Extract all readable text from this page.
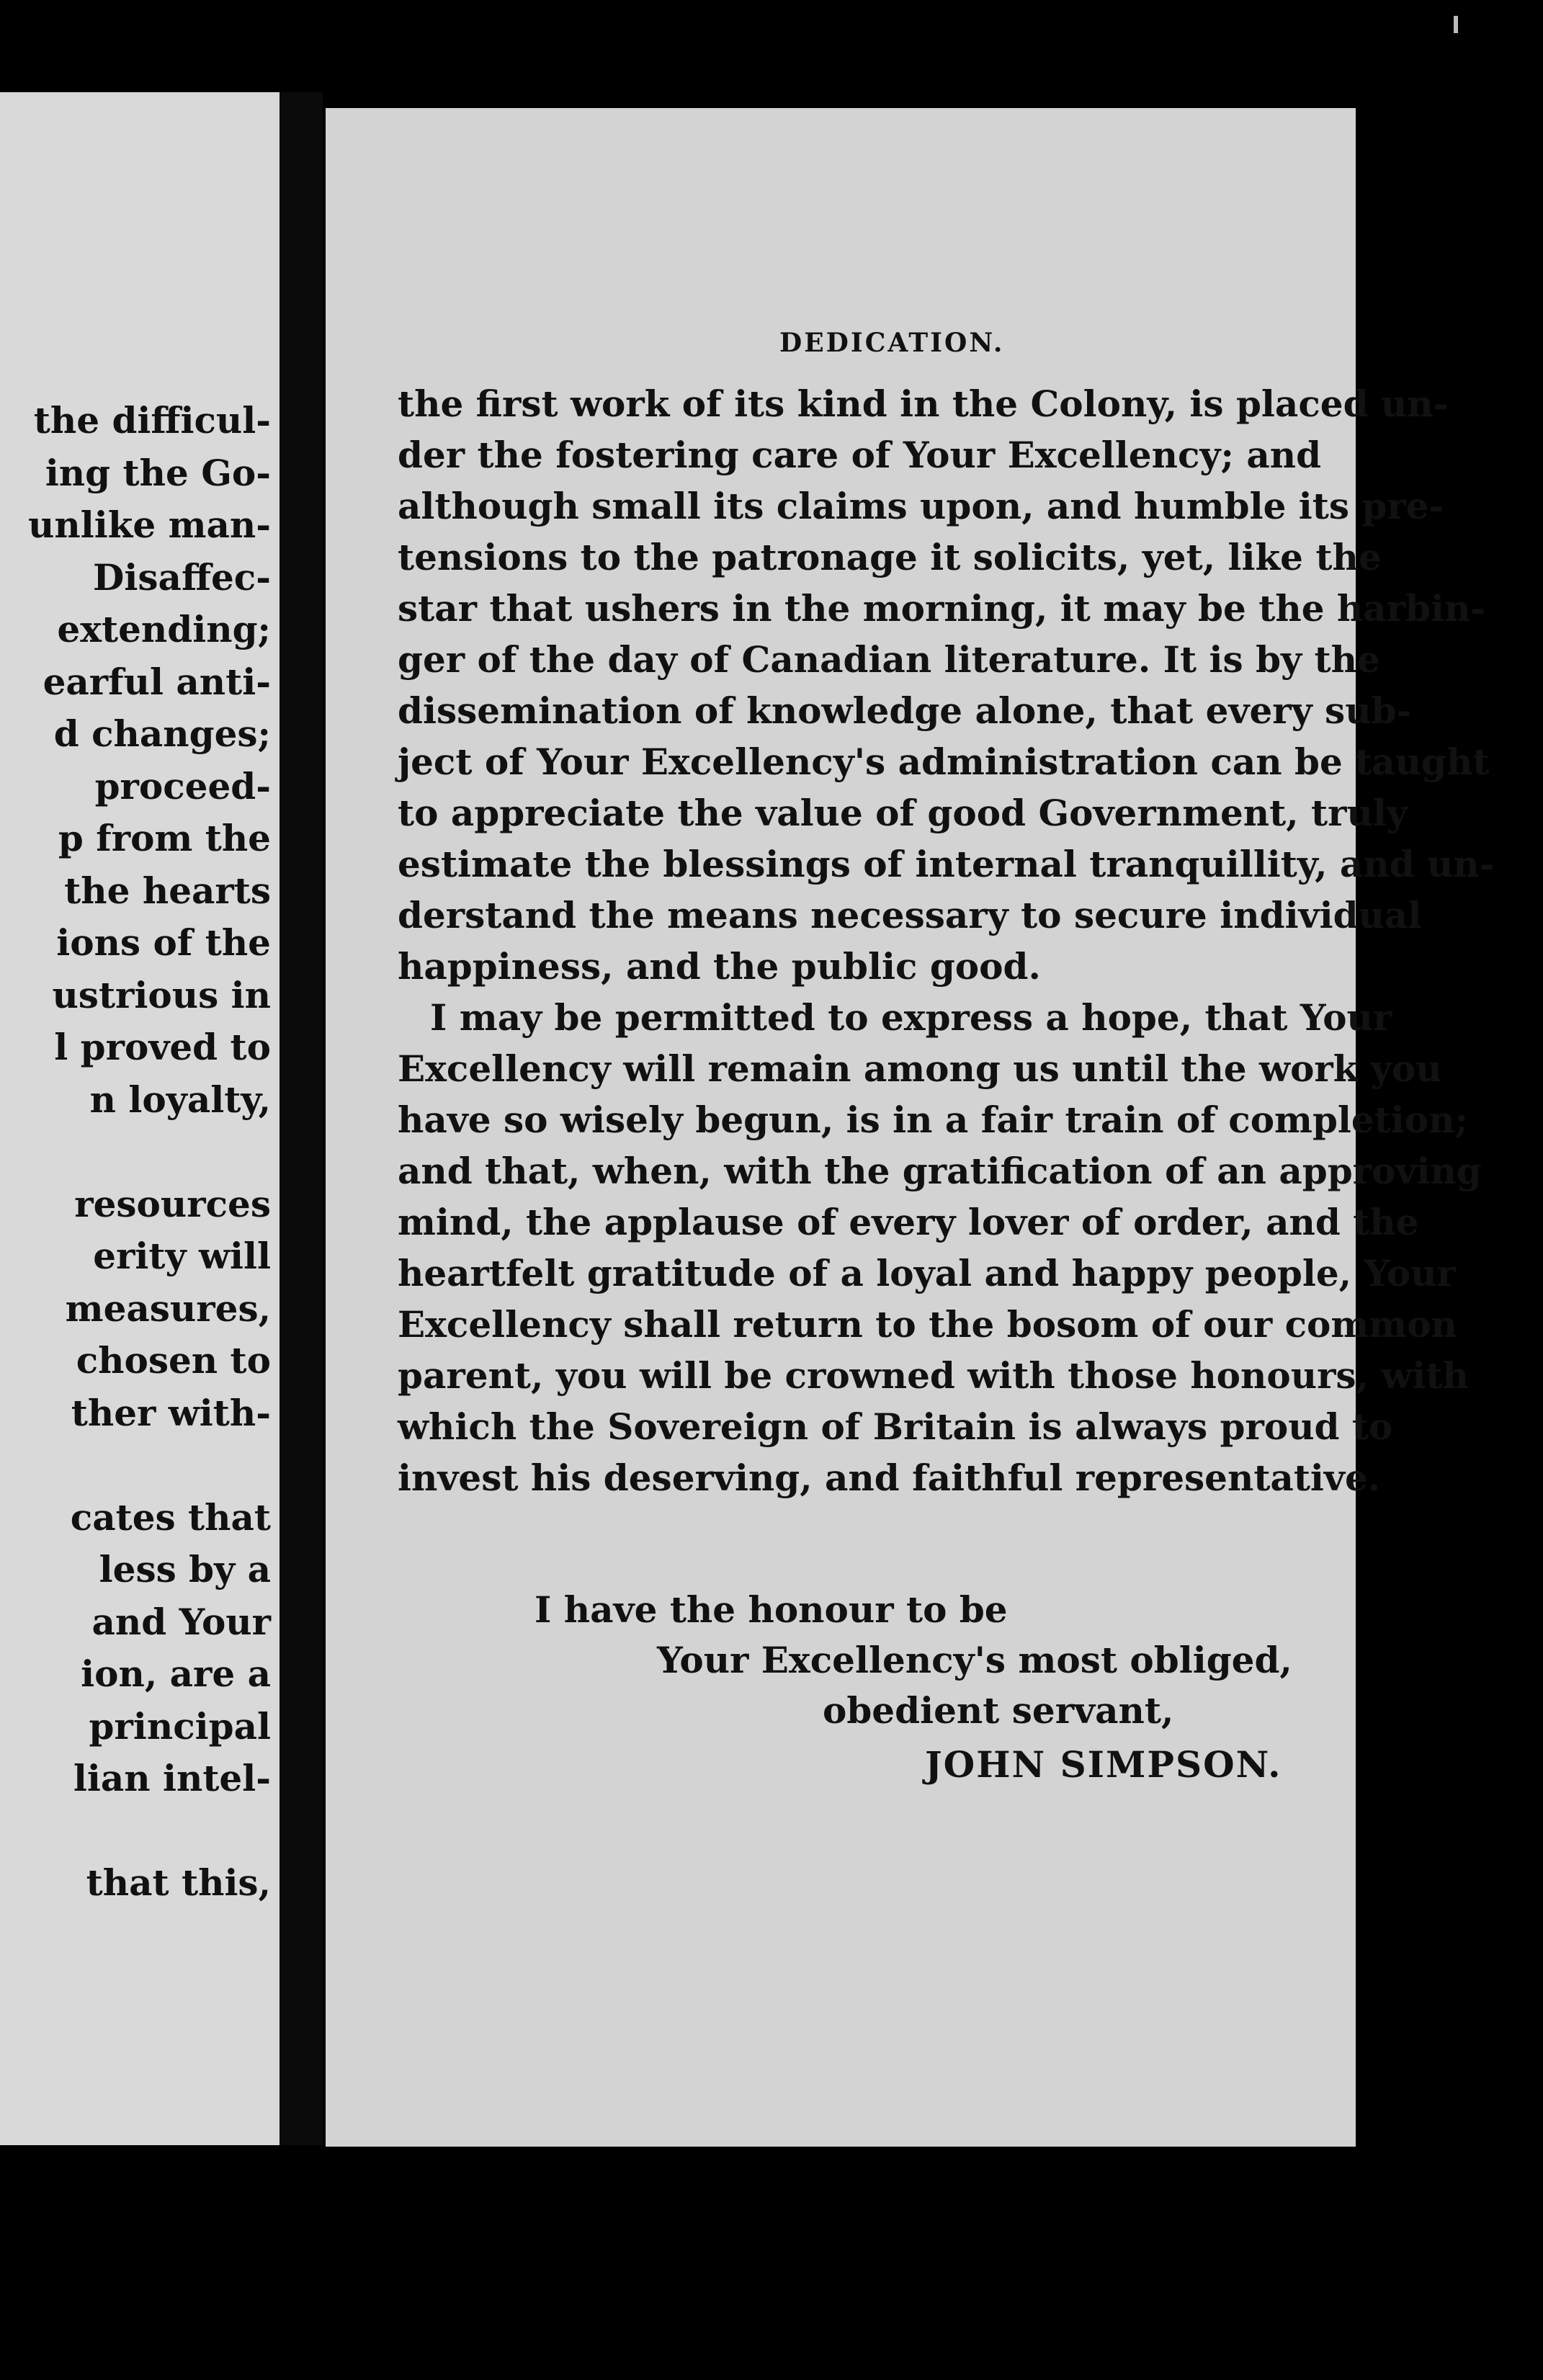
the difficul-
ing the Go-
unlike man-
Disaffec-
extending;
earful anti-
d changes;
proceed-
p from the
the hearts
ions of the
ustrious in
l proved to
n loyalty,

resources
erity will
measures,
chosen to
ther with-

cates that
less by a
and Your
ion, are a
principal
lian intel-

that this,
DEDICATION.
the first work of its kind in the Colony, is placed un-
der the fostering care of Your Excellency; and
although small its claims upon, and humble its pre-
tensions to the patronage it solicits, yet, like the
star that ushers in the morning, it may be the harbin-
ger of the day of Canadian literature. It is by the
dissemination of knowledge alone, that every sub-
ject of Your Excellency's administration can be taught
to appreciate the value of good Government, truly
estimate the blessings of internal tranquillity, and un-
derstand the means necessary to secure individual
happiness, and the public good.
I may be permitted to express a hope, that Your
Excellency will remain among us until the work you
have so wisely begun, is in a fair train of completion;
and that, when, with the gratification of an approving
mind, the applause of every lover of order, and the
heartfelt gratitude of a loyal and happy people, Your
Excellency shall return to the bosom of our common
parent, you will be crowned with those honours, with
which the Sovereign of Britain is always proud to
invest his deserving, and faithful representative.
I have the honour to be
Your Excellency's most obliged,
obedient servant,
JOHN SIMPSON.
